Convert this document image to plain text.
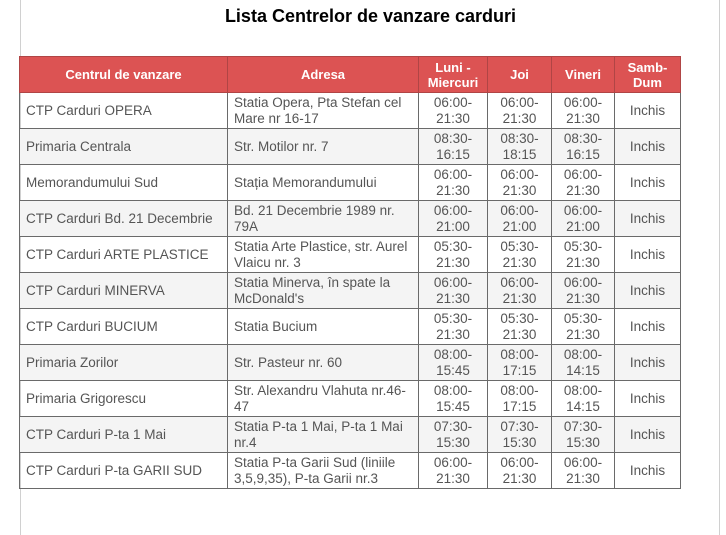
Lista Centrelor de vanzare carduri
Centrul de vanzare	Adresa	Luni - Miercuri	Joi	Vineri	Samb-Dum
CTP Carduri OPERA	Statia Opera, Pta Stefan cel Mare nr 16-17	06:00-21:30	06:00-21:30	06:00-21:30	Inchis
Primaria Centrala	Str. Motilor nr. 7	08:30-16:15	08:30-18:15	08:30-16:15	Inchis
Memorandumului Sud	Stația Memorandumului	06:00-21:30	06:00-21:30	06:00-21:30	Inchis
CTP Carduri Bd. 21 Decembrie	Bd. 21 Decembrie 1989 nr. 79A	06:00-21:00	06:00-21:00	06:00-21:00	Inchis
CTP Carduri ARTE PLASTICE	Statia Arte Plastice, str. Aurel Vlaicu nr. 3	05:30-21:30	05:30-21:30	05:30-21:30	Inchis
CTP Carduri MINERVA	Statia Minerva, în spate la McDonald's	06:00-21:30	06:00-21:30	06:00-21:30	Inchis
CTP Carduri BUCIUM	Statia Bucium	05:30-21:30	05:30-21:30	05:30-21:30	Inchis
Primaria Zorilor	Str. Pasteur nr. 60	08:00-15:45	08:00-17:15	08:00-14:15	Inchis
Primaria Grigorescu	Str. Alexandru Vlahuta nr.46-47	08:00-15:45	08:00-17:15	08:00-14:15	Inchis
CTP Carduri P-ta 1 Mai	Statia P-ta 1 Mai, P-ta 1 Mai nr.4	07:30-15:30	07:30-15:30	07:30-15:30	Inchis
CTP Carduri P-ta GARII SUD	Statia P-ta Garii Sud (liniile 3,5,9,35), P-ta Garii nr.3	06:00-21:30	06:00-21:30	06:00-21:30	Inchis
